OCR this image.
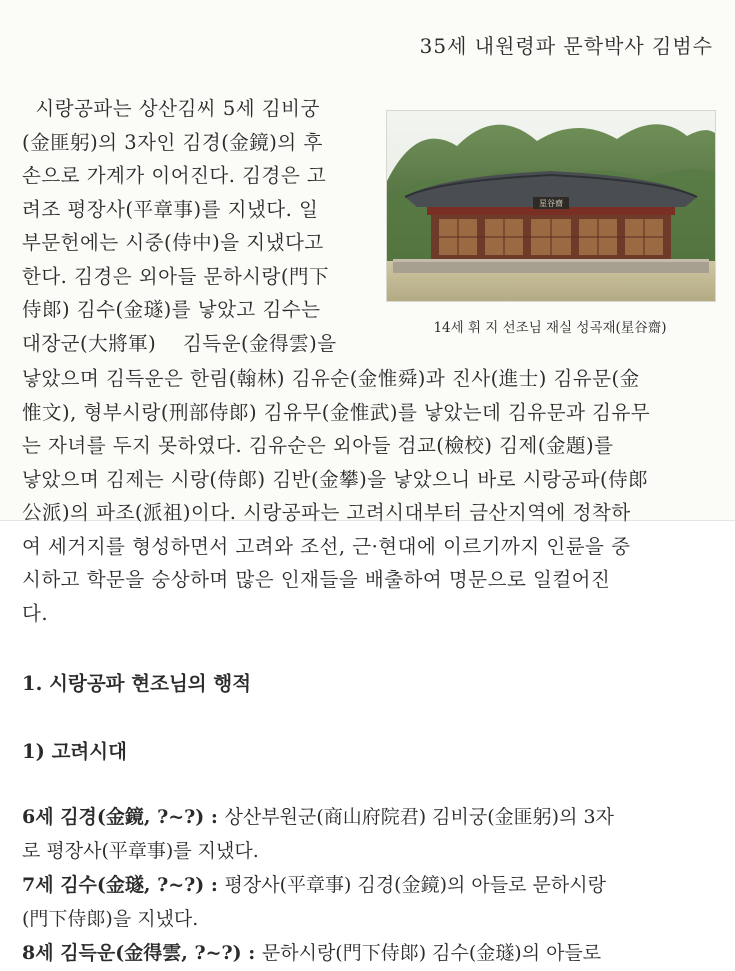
35세 내원령파 문학박사 김범수
星谷齋
14세 휘 지 선조님 재실 성곡재(星谷齋)
시랑공파는 상산김씨 5세 김비궁
(金匪躬)의 3자인 김경(金鏡)의 후
손으로 가계가 이어진다. 김경은 고
려조 평장사(平章事)를 지냈다. 일
부문헌에는 시중(侍中)을 지냈다고
한다. 김경은 외아들 문하시랑(門下
侍郞) 김수(金璲)를 낳았고 김수는
대장군(大將軍)    김득운(金得雲)을
낳았으며 김득운은 한림(翰林) 김유순(金惟舜)과 진사(進士) 김유문(金
惟文), 형부시랑(刑部侍郞) 김유무(金惟武)를 낳았는데 김유문과 김유무
는 자녀를 두지 못하였다. 김유순은 외아들 검교(檢校) 김제(金題)를
낳았으며 김제는 시랑(侍郞) 김반(金攀)을 낳았으니 바로 시랑공파(侍郞
公派)의 파조(派祖)이다. 시랑공파는 고려시대부터 금산지역에 정착하
여 세거지를 형성하면서 고려와 조선, 근·현대에 이르기까지 인륜을 중
시하고 학문을 숭상하며 많은 인재들을 배출하여 명문으로 일컬어진
다.
1. 시랑공파 현조님의 행적
1) 고려시대
6세 김경(金鏡, ?~?) : 상산부원군(商山府院君) 김비궁(金匪躬)의 3자
로 평장사(平章事)를 지냈다.
7세 김수(金璲, ?~?) : 평장사(平章事) 김경(金鏡)의 아들로 문하시랑
(門下侍郞)을 지냈다.
8세 김득운(金得雲, ?~?) : 문하시랑(門下侍郞) 김수(金璲)의 아들로
